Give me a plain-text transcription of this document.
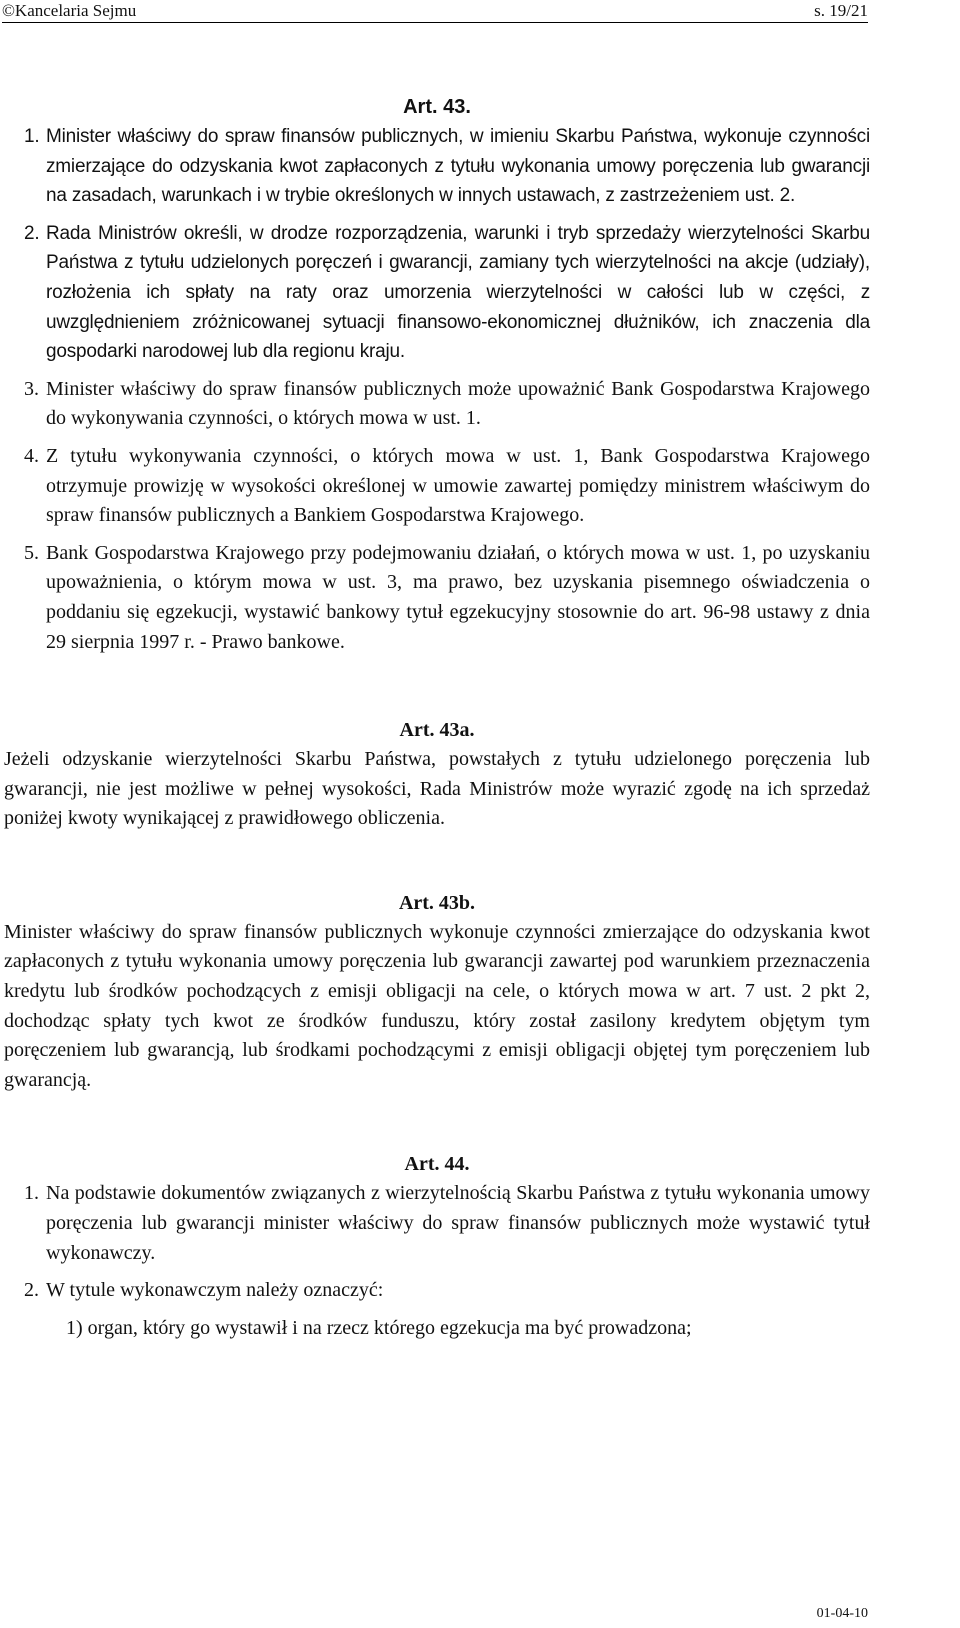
©Kancelaria Sejmu	s. 19/21
Art. 43.

1. Minister właściwy do spraw finansów publicznych, w imieniu Skarbu Państwa, wykonuje czynności zmierzające do odzyskania kwot zapłaconych z tytułu wykonania umowy poręczenia lub gwarancji na zasadach, warunkach i w trybie określonych w innych ustawach, z zastrzeżeniem ust. 2.

2. Rada Ministrów określi, w drodze rozporządzenia, warunki i tryb sprzedaży wierzytelności Skarbu Państwa z tytułu udzielonych poręczeń i gwarancji, zamiany tych wierzytelności na akcje (udziały), rozłożenia ich spłaty na raty oraz umorzenia wierzytelności w całości lub w części, z uwzględnieniem zróżnicowanej sytuacji finansowo-ekonomicznej dłużników, ich znaczenia dla gospodarki narodowej lub dla regionu kraju.

3. Minister właściwy do spraw finansów publicznych może upoważnić Bank Gospodarstwa Krajowego do wykonywania czynności, o których mowa w ust. 1.

4. Z tytułu wykonywania czynności, o których mowa w ust. 1, Bank Gospodarstwa Krajowego otrzymuje prowizję w wysokości określonej w umowie zawartej pomiędzy ministrem właściwym do spraw finansów publicznych a Bankiem Gospodarstwa Krajowego.

5. Bank Gospodarstwa Krajowego przy podejmowaniu działań, o których mowa w ust. 1, po uzyskaniu upoważnienia, o którym mowa w ust. 3, ma prawo, bez uzyskania pisemnego oświadczenia o poddaniu się egzekucji, wystawić bankowy tytuł egzekucyjny stosownie do art. 96-98 ustawy z dnia 29 sierpnia 1997 r. - Prawo bankowe.

Art. 43a.

Jeżeli odzyskanie wierzytelności Skarbu Państwa, powstałych z tytułu udzielonego poręczenia lub gwarancji, nie jest możliwe w pełnej wysokości, Rada Ministrów może wyrazić zgodę na ich sprzedaż poniżej kwoty wynikającej z prawidłowego obliczenia.

Art. 43b.

Minister właściwy do spraw finansów publicznych wykonuje czynności zmierzające do odzyskania kwot zapłaconych z tytułu wykonania umowy poręczenia lub gwarancji zawartej pod warunkiem przeznaczenia kredytu lub środków pochodzących z emisji obligacji na cele, o których mowa w art. 7 ust. 2 pkt 2, dochodząc spłaty tych kwot ze środków funduszu, który został zasilony kredytem objętym tym poręczeniem lub gwarancją, lub środkami pochodzącymi z emisji obligacji objętej tym poręczeniem lub gwarancją.

Art. 44.

1. Na podstawie dokumentów związanych z wierzytelnością Skarbu Państwa z tytułu wykonania umowy poręczenia lub gwarancji minister właściwy do spraw finansów publicznych może wystawić tytuł wykonawczy.

2. W tytule wykonawczym należy oznaczyć:

1) organ, który go wystawił i na rzecz którego egzekucja ma być prowadzona;

01-04-10
